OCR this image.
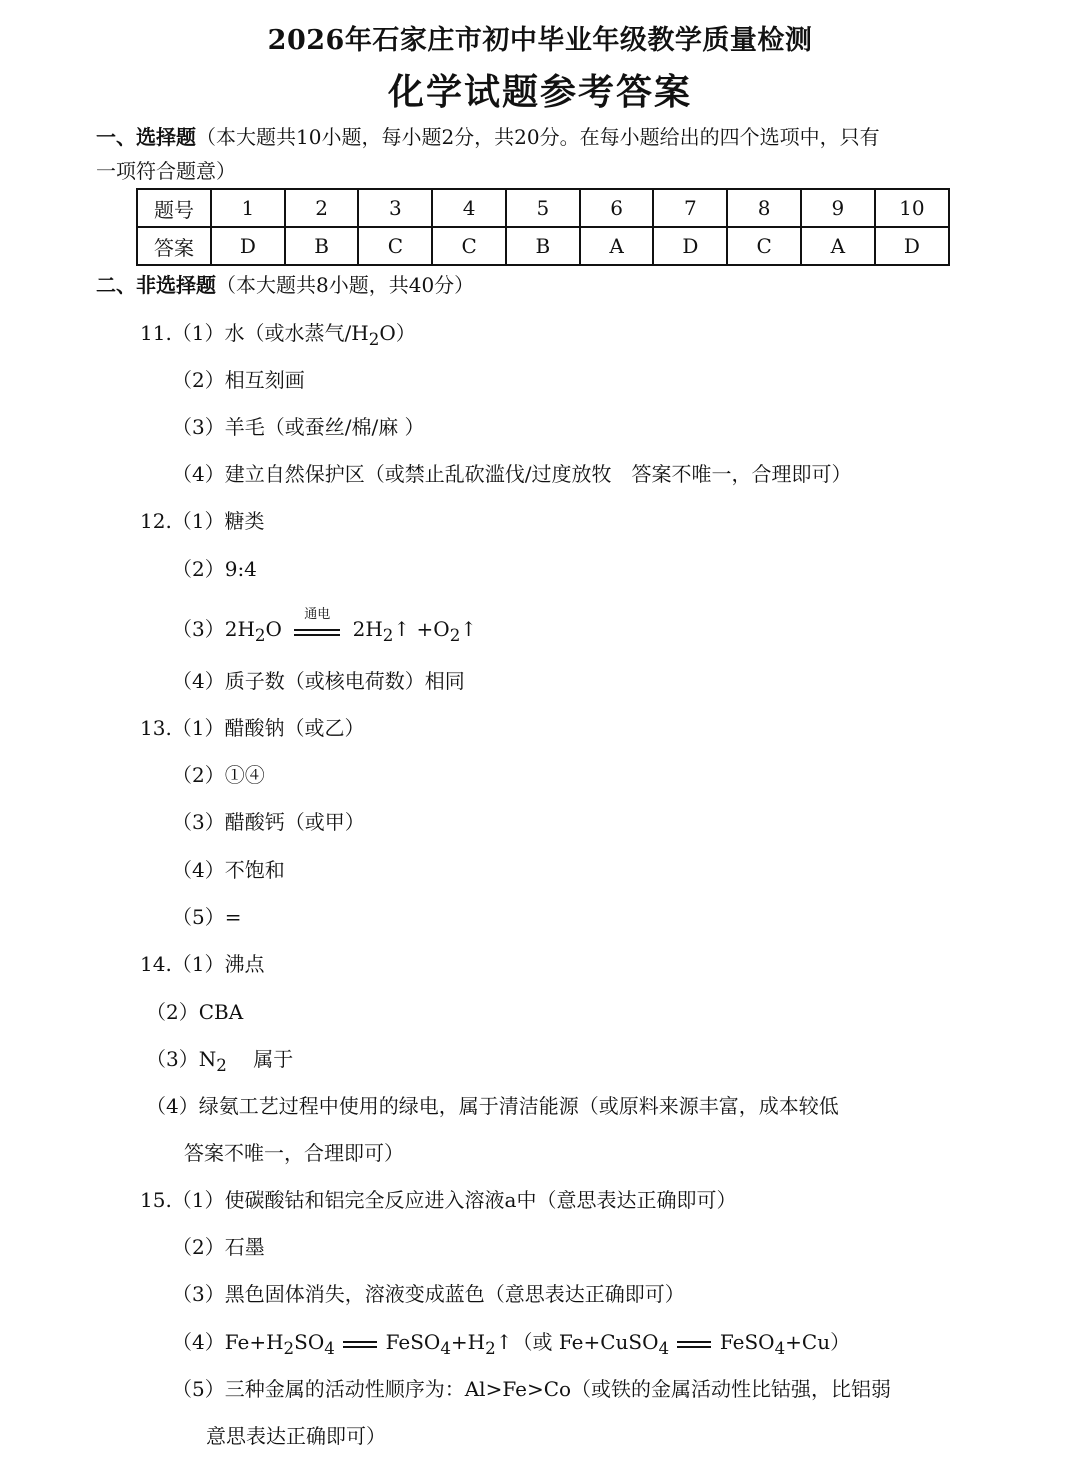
2026年石家庄市初中毕业年级教学质量检测
化学试题参考答案
一、选择题（本大题共10小题，每小题2分，共20分。在每小题给出的四个选项中，只有
一项符合题意）
题号	1	2	3	4	5	6	7	8	9	10
答案	D	B	C	C	B	A	D	C	A	D
二、非选择题（本大题共8小题，共40分）
11.（1）水（或水蒸气$/H_2O$）
（2）相互刻画
（3）羊毛（或蚕丝/棉/麻 ）
（4）建立自然保护区（或禁止乱砍滥伐/过度放牧　答案不唯一，合理即可）
12.（1）糖类
（2）9:4
$(3)2H_2O$
通电
$2H_2↑$ $+O_2↑$
（4）质子数（或核电荷数）相同
13.（1）醋酸钠（或乙）
（2）①④
（3）醋酸钙（或甲）
（4）不饱和
（5）=
14.（1）沸点
（2）CBA
$(3)N_2$　 属于
（4）绿氨工艺过程中使用的绿电，属于清洁能源（或原料来源丰富，成本较低
答案不唯一，合理即可）
15.（1）使碳酸钴和铝完全反应进入溶液a中（意思表达正确即可）
（2）石墨
（3）黑色固体消失，溶液变成蓝色（意思表达正确即可）
$(4)Fe+H_2SO_4$	$FeSO_4+H_2↑$（或 Fe+CuSO$_4$	FeSO$_4$+Cu）
（5）三种金属的活动性顺序为：Al>Fe>Co（或铁的金属活动性比钴强，比铝弱
意思表达正确即可）
